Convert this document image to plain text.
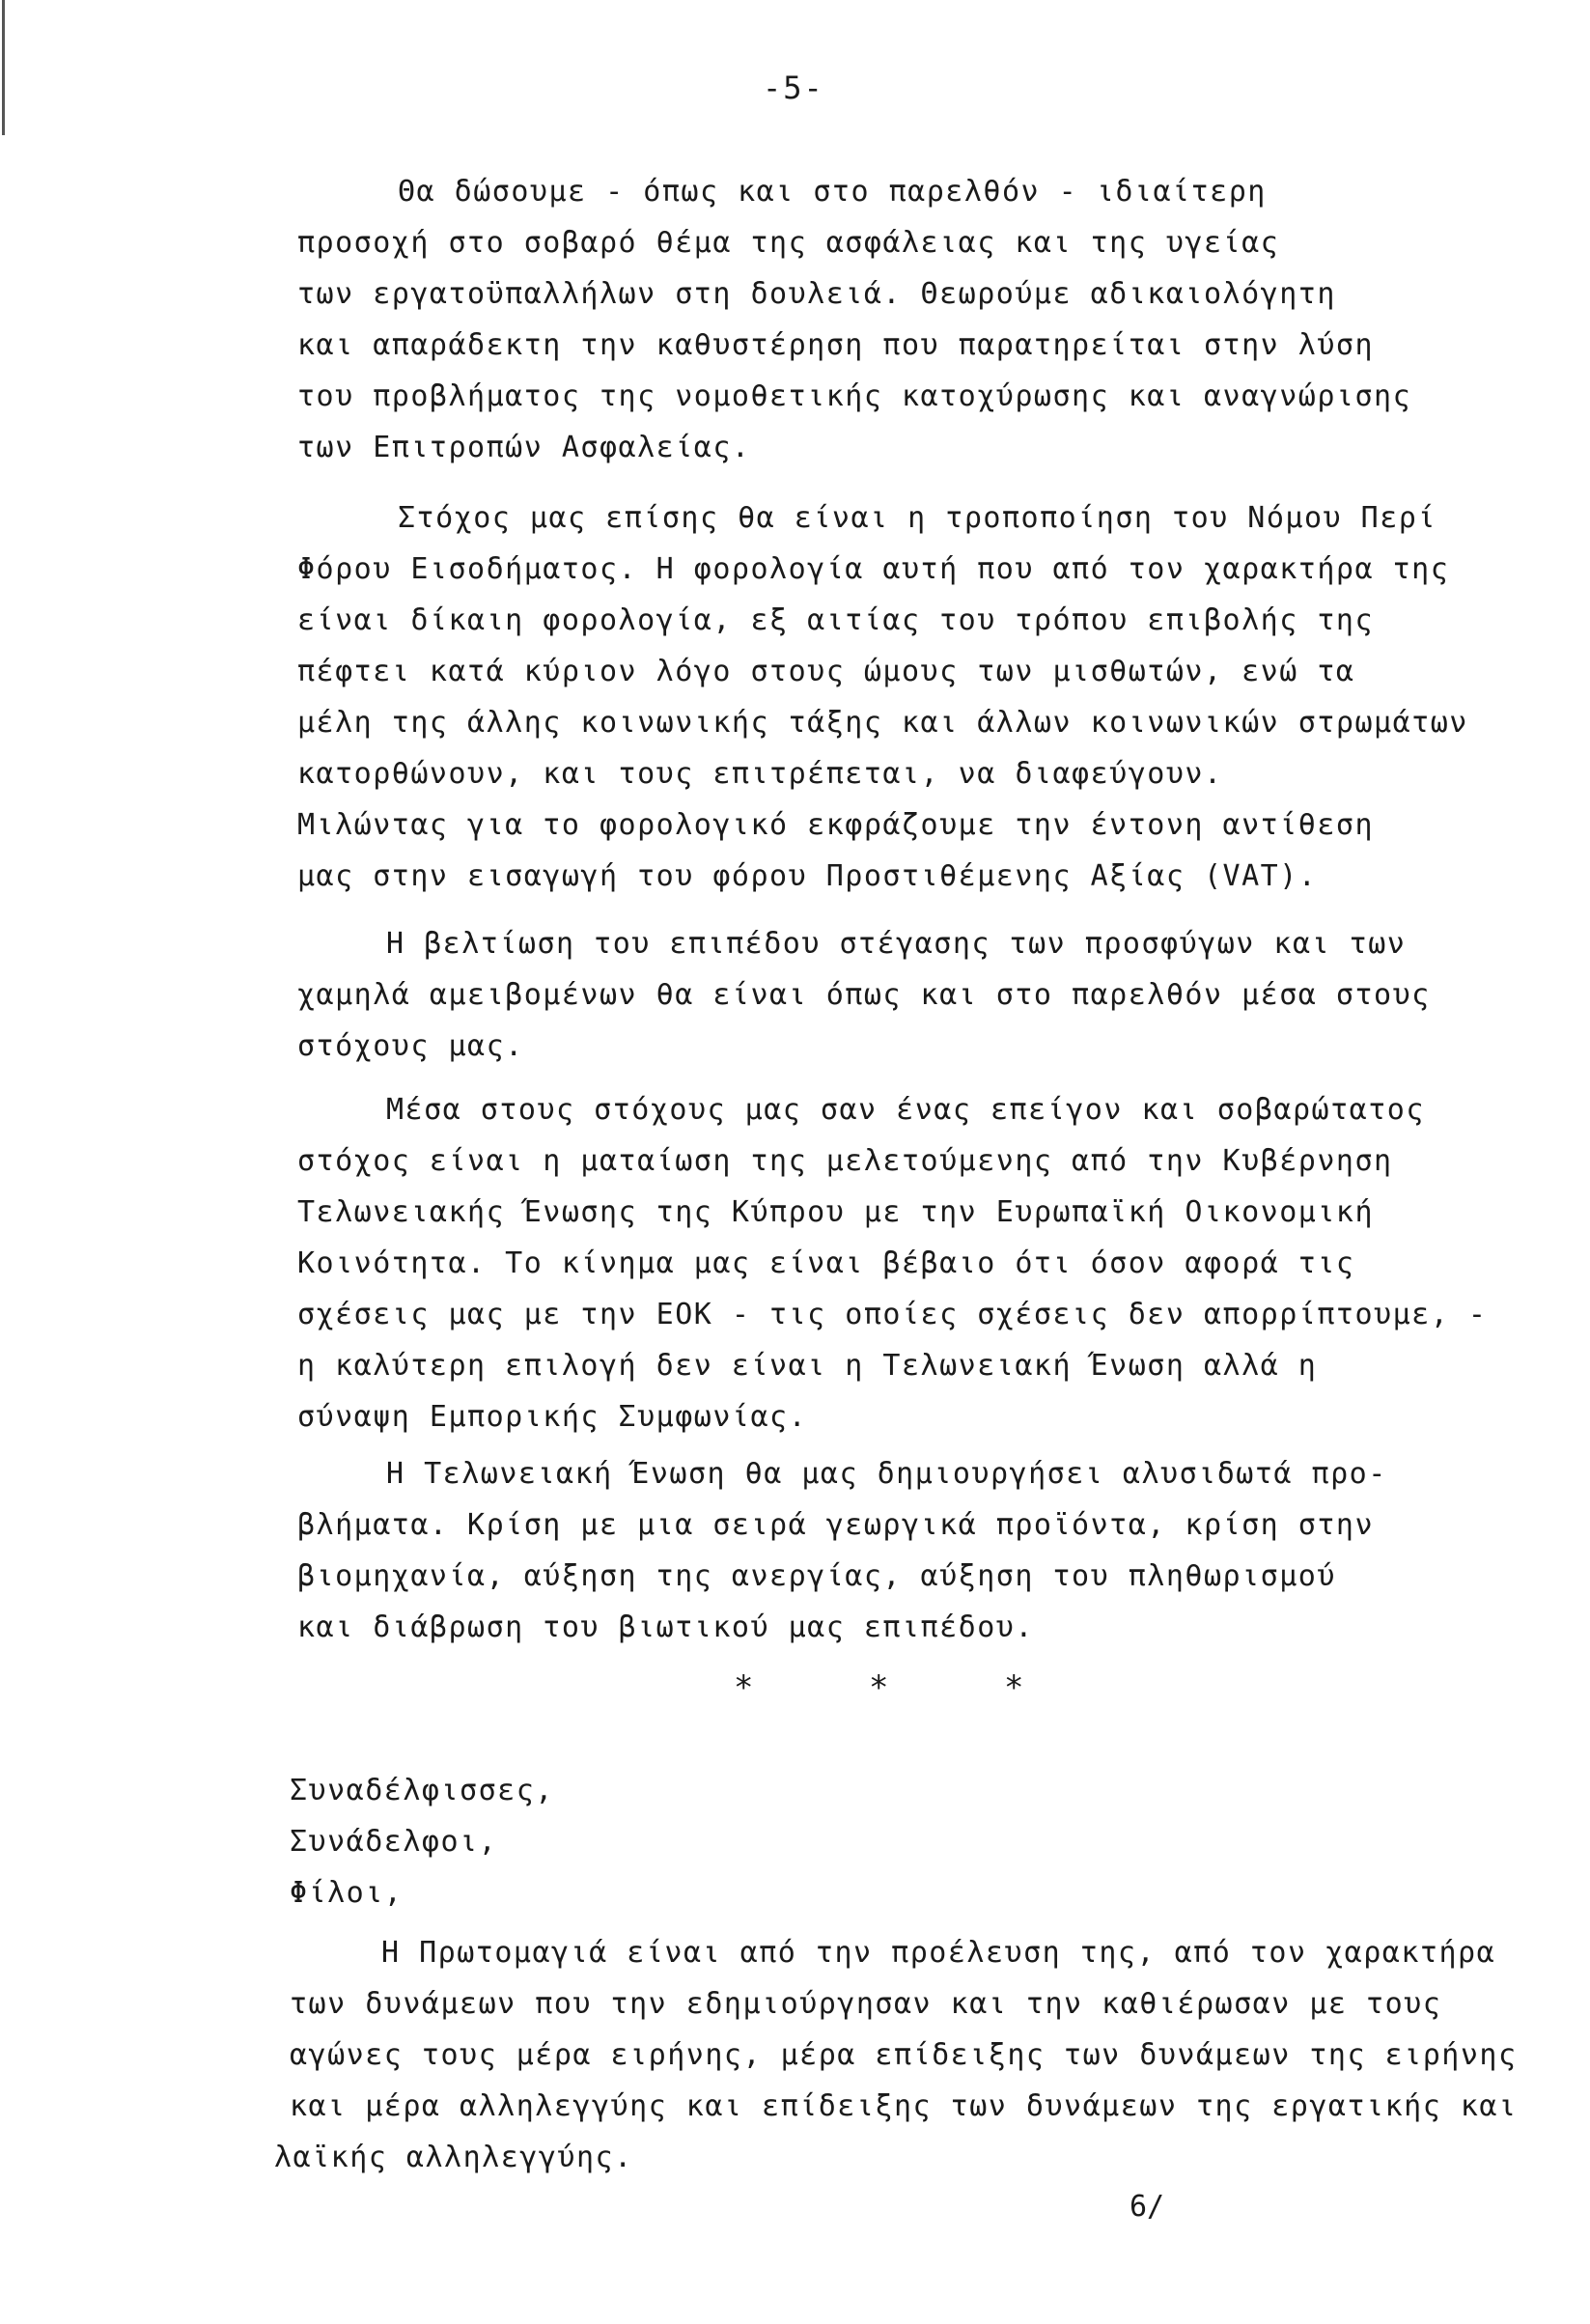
-5-
Θα δώσουμε - όπως και στο παρελθόν - ιδιαίτερη
προσοχή στο σοβαρό θέμα της ασφάλειας και της υγείας
των εργατοϋπαλλήλων στη δουλειά. Θεωρούμε αδικαιολόγητη
και απαράδεκτη την καθυστέρηση που παρατηρείται στην λύση
του προβλήματος της νομοθετικής κατοχύρωσης και αναγνώρισης
των Επιτροπών Ασφαλείας.
Στόχος μας επίσης θα είναι η τροποποίηση του Νόμου Περί
Φόρου Εισοδήματος. Η φορολογία αυτή που από τον χαρακτήρα της
είναι δίκαιη φορολογία, εξ αιτίας του τρόπου επιβολής της
πέφτει κατά κύριον λόγο στους ώμους των μισθωτών, ενώ τα
μέλη της άλλης κοινωνικής τάξης και άλλων κοινωνικών στρωμάτων
κατορθώνουν, και τους επιτρέπεται, να διαφεύγουν.
Μιλώντας για το φορολογικό εκφράζουμε την έντονη αντίθεση
μας στην εισαγωγή του φόρου Προστιθέμενης Αξίας (VAT).
Η βελτίωση του επιπέδου στέγασης των προσφύγων και των
χαμηλά αμειβομένων θα είναι όπως και στο παρελθόν μέσα στους
στόχους μας.
Μέσα στους στόχους μας σαν ένας επείγον και σοβαρώτατος
στόχος είναι η ματαίωση της μελετούμενης από την Κυβέρνηση
Τελωνειακής Ένωσης της Κύπρου με την Ευρωπαϊκή Οικονομική
Κοινότητα. Το κίνημα μας είναι βέβαιο ότι όσον αφορά τις
σχέσεις μας με την ΕΟΚ - τις οποίες σχέσεις δεν απορρίπτουμε, -
η καλύτερη επιλογή δεν είναι η Τελωνειακή Ένωση αλλά η
σύναψη Εμπορικής Συμφωνίας.
Η Τελωνειακή Ένωση θα μας δημιουργήσει αλυσιδωτά προ-
βλήματα. Κρίση με μια σειρά γεωργικά προϊόντα, κρίση στην
βιομηχανία, αύξηση της ανεργίας, αύξηση του πληθωρισμού
και διάβρωση του βιωτικού μας επιπέδου.
*	*	*
Συναδέλφισσες,
Συνάδελφοι,
Φίλοι,
Η Πρωτομαγιά είναι από την προέλευση της, από τον χαρακτήρα
των δυνάμεων που την εδημιούργησαν και την καθιέρωσαν με τους
αγώνες τους μέρα ειρήνης, μέρα επίδειξης των δυνάμεων της ειρήνης
και μέρα αλληλεγγύης και επίδειξης των δυνάμεων της εργατικής και
λαϊκής αλληλεγγύης.
6/
